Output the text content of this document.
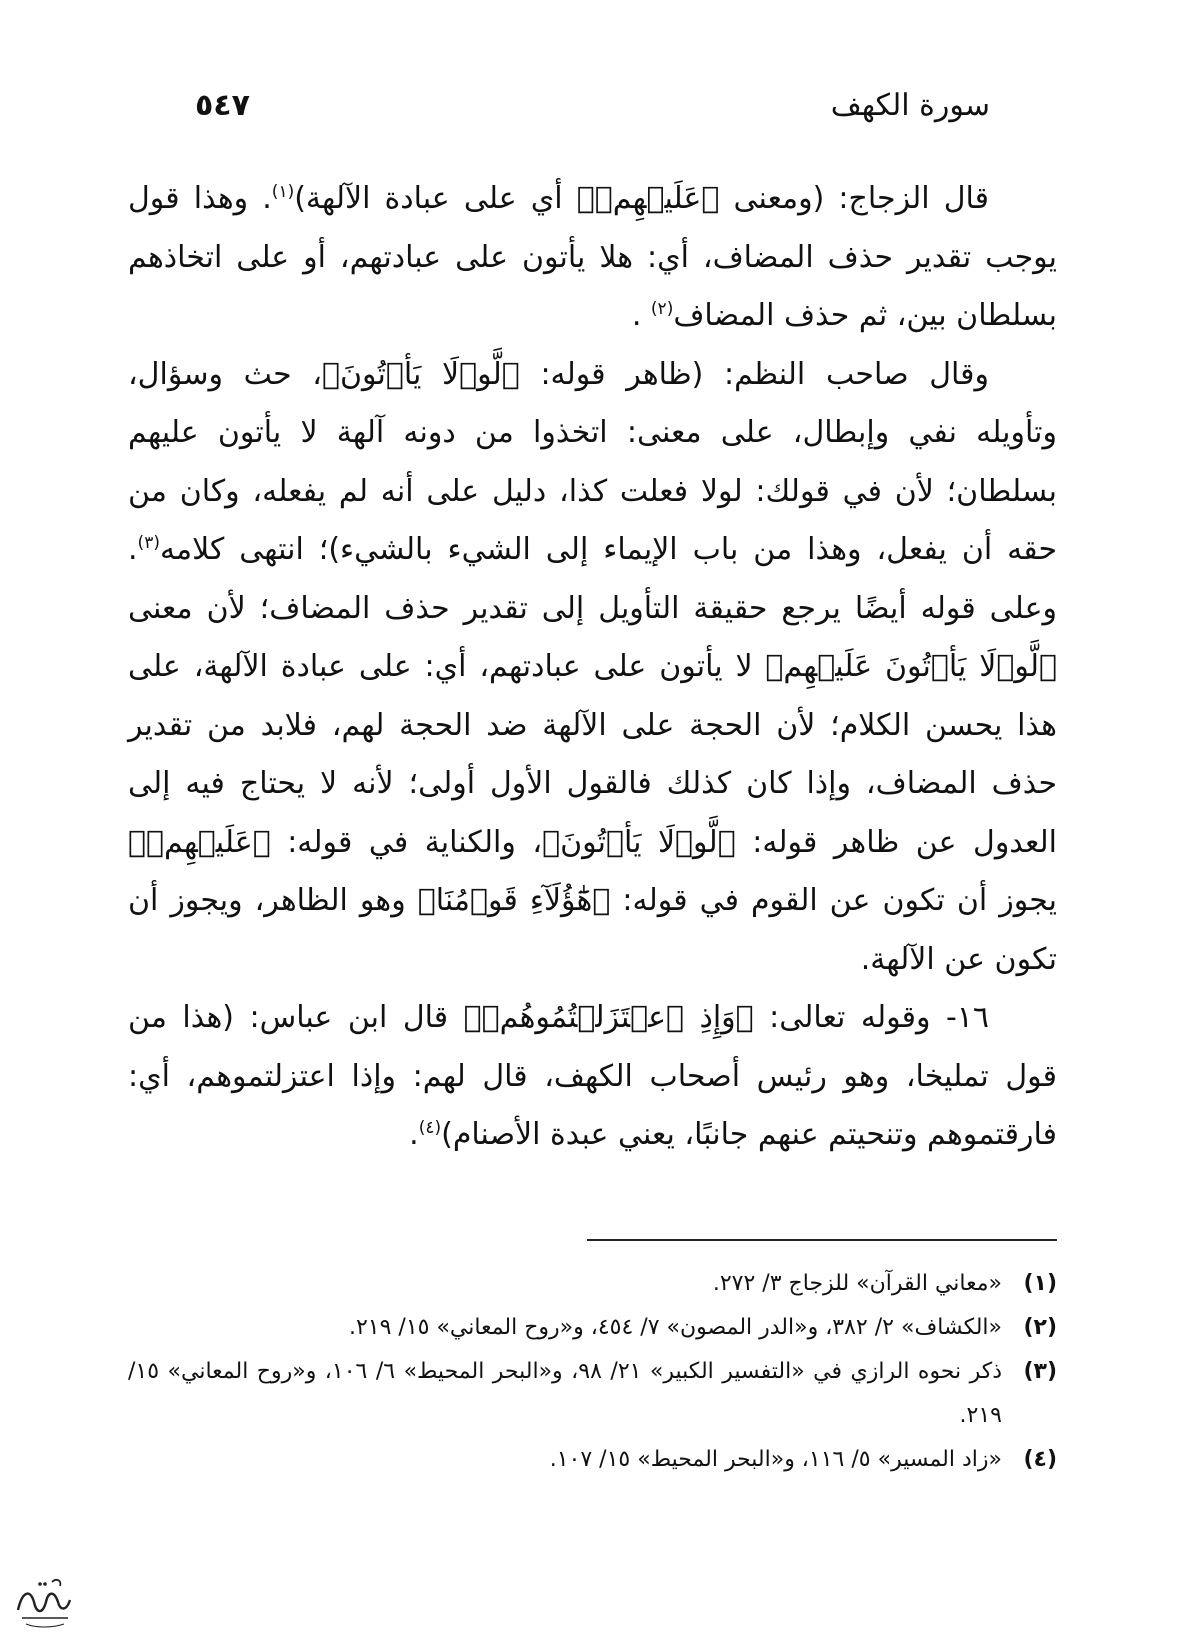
سورة الكهف
٥٤٧

قال الزجاج: (ومعنى ﴿عَلَيۡهِمۡ﴾ أي على عبادة الآلهة)$^{(١)}$. وهذا قول يوجب تقدير حذف المضاف، أي: هلا يأتون على عبادتهم، أو على اتخاذهم بسلطان بين، ثم حذف المضاف$^{(٢)}$ .

وقال صاحب النظم: (ظاهر قوله: ﴿لَّوۡلَا يَأۡتُونَ﴾، حث وسؤال، وتأويله نفي وإبطال، على معنى: اتخذوا من دونه آلهة لا يأتون عليهم بسلطان؛ لأن في قولك: لولا فعلت كذا، دليل على أنه لم يفعله، وكان من حقه أن يفعل، وهذا من باب الإيماء إلى الشيء بالشيء)؛ انتهى كلامه$^{(٣)}$. وعلى قوله أيضًا يرجع حقيقة التأويل إلى تقدير حذف المضاف؛ لأن معنى ﴿لَّوۡلَا يَأۡتُونَ عَلَيۡهِم﴾ لا يأتون على عبادتهم، أي: على عبادة الآلهة، على هذا يحسن الكلام؛ لأن الحجة على الآلهة ضد الحجة لهم، فلابد من تقدير حذف المضاف، وإذا كان كذلك فالقول الأول أولى؛ لأنه لا يحتاج فيه إلى العدول عن ظاهر قوله: ﴿لَّوۡلَا يَأۡتُونَ﴾، والكناية في قوله: ﴿عَلَيۡهِمۡ﴾ يجوز أن تكون عن القوم في قوله: ﴿هَٰٓؤُلَآءِ قَوۡمُنَا﴾ وهو الظاهر، ويجوز أن تكون عن الآلهة.

١٦- وقوله تعالى: ﴿وَإِذِ ٱعۡتَزَلۡتُمُوهُمۡ﴾ قال ابن عباس: (هذا من قول تمليخا، وهو رئيس أصحاب الكهف، قال لهم: وإذا اعتزلتموهم، أي: فارقتموهم وتنحيتم عنهم جانبًا، يعني عبدة الأصنام)$^{(٤)}$.

(١)
«معاني القرآن» للزجاج ٣/ ٢٧٢.
(٢)
«الكشاف» ٢/ ٣٨٢، و«الدر المصون» ٧/ ٤٥٤، و«روح المعاني» ١٥/ ٢١٩.
(٣)
ذكر نحوه الرازي في «التفسير الكبير» ٢١/ ٩٨، و«البحر المحيط» ٦/ ١٠٦، و«روح المعاني» ١٥/ ٢١٩.
(٤)
«زاد المسير» ٥/ ١١٦، و«البحر المحيط» ١٥/ ١٠٧.
